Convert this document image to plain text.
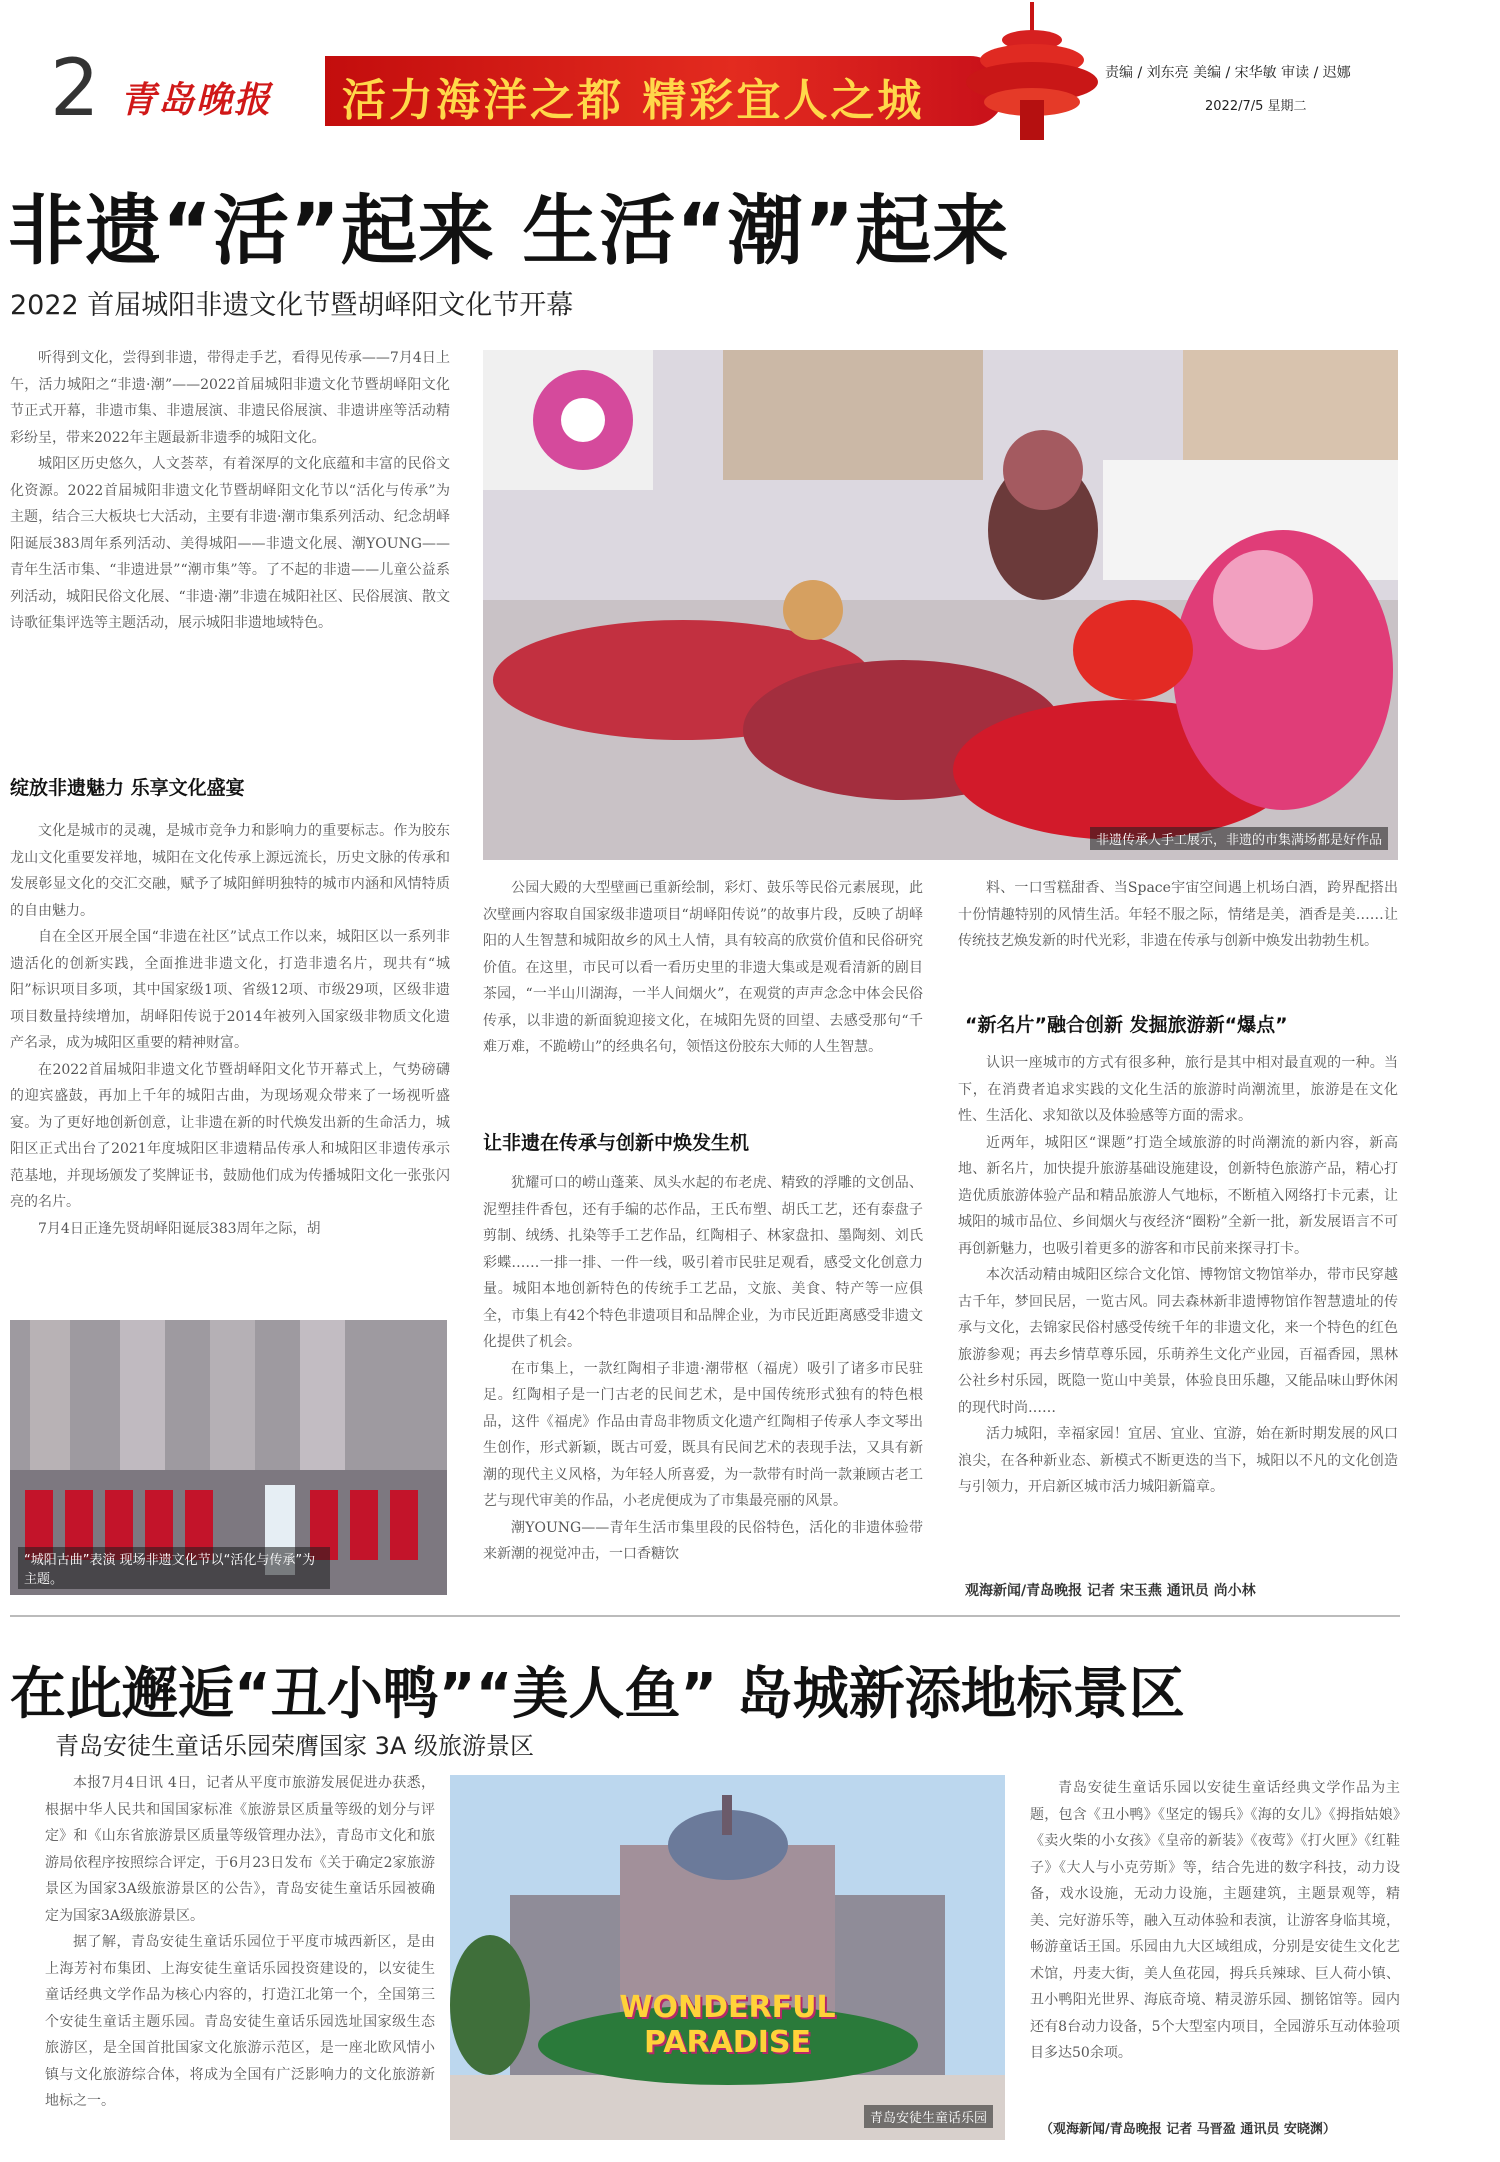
2 青岛晚报 活力海洋之都 精彩宜人之城
责编 / 刘东亮 美编 / 宋华敏 审读 / 迟娜
2022/7/5 星期二
非遗“活”起来 生活“潮”起来
2022 首届城阳非遗文化节暨胡峄阳文化节开幕

听得到文化，尝得到非遗，带得走手艺，看得见传承——7月4日上午，活力城阳之“非遗·潮”——2022首届城阳非遗文化节暨胡峄阳文化节正式开幕，非遗市集、非遗展演、非遗民俗展演、非遗讲座等活动精彩纷呈，带来2022年主题最新非遗季的城阳文化。

城阳区历史悠久，人文荟萃，有着深厚的文化底蕴和丰富的民俗文化资源。2022首届城阳非遗文化节暨胡峄阳文化节以“活化与传承”为主题，结合三大板块七大活动，主要有非遗·潮市集系列活动、纪念胡峄阳诞辰383周年系列活动、美得城阳——非遗文化展、潮YOUNG——青年生活市集、“非遗进景”“潮市集”等。了不起的非遗——儿童公益系列活动，城阳民俗文化展、“非遗·潮”非遗在城阳社区、民俗展演、散文诗歌征集评选等主题活动，展示城阳非遗地域特色。

非遗传承人手工展示，非遗的市集满场都是好作品
绽放非遗魅力 乐享文化盛宴

文化是城市的灵魂，是城市竞争力和影响力的重要标志。作为胶东龙山文化重要发祥地，城阳在文化传承上源远流长，历史文脉的传承和发展彰显文化的交汇交融，赋予了城阳鲜明独特的城市内涵和风情特质的自由魅力。

自在全区开展全国“非遗在社区”试点工作以来，城阳区以一系列非遗活化的创新实践，全面推进非遗文化，打造非遗名片，现共有“城阳”标识项目多项，其中国家级1项、省级12项、市级29项，区级非遗项目数量持续增加，胡峄阳传说于2014年被列入国家级非物质文化遗产名录，成为城阳区重要的精神财富。

在2022首届城阳非遗文化节暨胡峄阳文化节开幕式上，气势磅礴的迎宾盛鼓，再加上千年的城阳古曲，为现场观众带来了一场视听盛宴。为了更好地创新创意，让非遗在新的时代焕发出新的生命活力，城阳区正式出台了2021年度城阳区非遗精品传承人和城阳区非遗传承示范基地，并现场颁发了奖牌证书，鼓励他们成为传播城阳文化一张张闪亮的名片。

7月4日正逢先贤胡峄阳诞辰383周年之际，胡

“城阳古曲”表演 现场非遗文化节以“活化与传承”为主题。

公园大殿的大型壁画已重新绘制，彩灯、鼓乐等民俗元素展现，此次壁画内容取自国家级非遗项目“胡峄阳传说”的故事片段，反映了胡峄阳的人生智慧和城阳故乡的风土人情，具有较高的欣赏价值和民俗研究价值。在这里，市民可以看一看历史里的非遗大集或是观看清新的剧目茶园，“一半山川湖海，一半人间烟火”，在观赏的声声念念中体会民俗传承，以非遗的新面貌迎接文化，在城阳先贤的回望、去感受那句“千难万难，不跪崂山”的经典名句，领悟这份胶东大师的人生智慧。

让非遗在传承与创新中焕发生机

犹耀可口的崂山蓬莱、凤头水起的布老虎、精致的浮雕的文创品、泥塑挂件香包，还有手编的芯作品，王氏布塑、胡氏工艺，还有泰盘子剪制、绒绣、扎染等手工艺作品，红陶相子、林家盘扣、墨陶刻、刘氏彩蝶……一排一排、一件一线，吸引着市民驻足观看，感受文化创意力量。城阳本地创新特色的传统手工艺品，文旅、美食、特产等一应俱全，市集上有42个特色非遗项目和品牌企业，为市民近距离感受非遗文化提供了机会。

在市集上，一款红陶相子非遗·潮带枢（福虎）吸引了诸多市民驻足。红陶相子是一门古老的民间艺术，是中国传统形式独有的特色根品，这件《福虎》作品由青岛非物质文化遗产红陶相子传承人李文琴出生创作，形式新颖，既古可爱，既具有民间艺术的表现手法，又具有新潮的现代主义风格，为年轻人所喜爱，为一款带有时尚一款兼顾古老工艺与现代审美的作品，小老虎便成为了市集最亮丽的风景。

潮YOUNG——青年生活市集里段的民俗特色，活化的非遗体验带来新潮的视觉冲击，一口香糖饮

料、一口雪糕甜香、当Space宇宙空间遇上机场白酒，跨界配搭出十份情趣特别的风情生活。年轻不服之际，情绪是美，酒香是美……让传统技艺焕发新的时代光彩，非遗在传承与创新中焕发出勃勃生机。

“新名片”融合创新 发掘旅游新“爆点”

认识一座城市的方式有很多种，旅行是其中相对最直观的一种。当下，在消费者追求实践的文化生活的旅游时尚潮流里，旅游是在文化性、生活化、求知欲以及体验感等方面的需求。

近两年，城阳区“课题”打造全域旅游的时尚潮流的新内容，新高地、新名片，加快提升旅游基础设施建设，创新特色旅游产品，精心打造优质旅游体验产品和精品旅游人气地标，不断植入网络打卡元素，让城阳的城市品位、乡间烟火与夜经济“圈粉”全新一批，新发展语言不可再创新魅力，也吸引着更多的游客和市民前来探寻打卡。

本次活动精由城阳区综合文化馆、博物馆文物馆举办，带市民穿越古千年，梦回民居，一览古风。同去森林新非遗博物馆作智慧遗址的传承与文化，去锦家民俗村感受传统千年的非遗文化，来一个特色的红色旅游参观；再去乡情草尊乐园，乐萌养生文化产业园，百福香园，黑林公社乡村乐园，既隐一览山中美景，体验良田乐趣，又能品味山野休闲的现代时尚……

活力城阳，幸福家园！宜居、宜业、宜游，始在新时期发展的风口浪尖，在各种新业态、新模式不断更迭的当下，城阳以不凡的文化创造与引领力，开启新区城市活力城阳新篇章。

观海新闻/青岛晚报 记者 宋玉燕 通讯员 尚小林
在此邂逅“丑小鸭”“美人鱼” 岛城新添地标景区
青岛安徒生童话乐园荣膺国家 3A 级旅游景区

本报7月4日讯 4日，记者从平度市旅游发展促进办获悉，根据中华人民共和国国家标准《旅游景区质量等级的划分与评定》和《山东省旅游景区质量等级管理办法》，青岛市文化和旅游局依程序按照综合评定，于6月23日发布《关于确定2家旅游景区为国家3A级旅游景区的公告》，青岛安徒生童话乐园被确定为国家3A级旅游景区。

据了解，青岛安徒生童话乐园位于平度市城西新区，是由上海芳衬布集团、上海安徒生童话乐园投资建设的，以安徒生童话经典文学作品为核心内容的，打造江北第一个，全国第三个安徒生童话主题乐园。青岛安徒生童话乐园选址国家级生态旅游区，是全国首批国家文化旅游示范区，是一座北欧风情小镇与文化旅游综合体，将成为全国有广泛影响力的文化旅游新地标之一。

WONDERFUL PARADISE
青岛安徒生童话乐园

青岛安徒生童话乐园以安徒生童话经典文学作品为主题，包含《丑小鸭》《坚定的锡兵》《海的女儿》《拇指姑娘》《卖火柴的小女孩》《皇帝的新装》《夜莺》《打火匣》《红鞋子》《大人与小克劳斯》等，结合先进的数字科技，动力设备，戏水设施，无动力设施，主题建筑，主题景观等，精美、完好游乐等，融入互动体验和表演，让游客身临其境，畅游童话王国。乐园由九大区域组成，分别是安徒生文化艺术馆，丹麦大街，美人鱼花园，拇兵兵辣球、巨人荷小镇、丑小鸭阳光世界、海底奇境、精灵游乐园、捌铭馆等。园内还有8台动力设备，5个大型室内项目，全园游乐互动体验项目多达50余项。

（观海新闻/青岛晚报 记者 马晋盈 通讯员 安晓渊）
